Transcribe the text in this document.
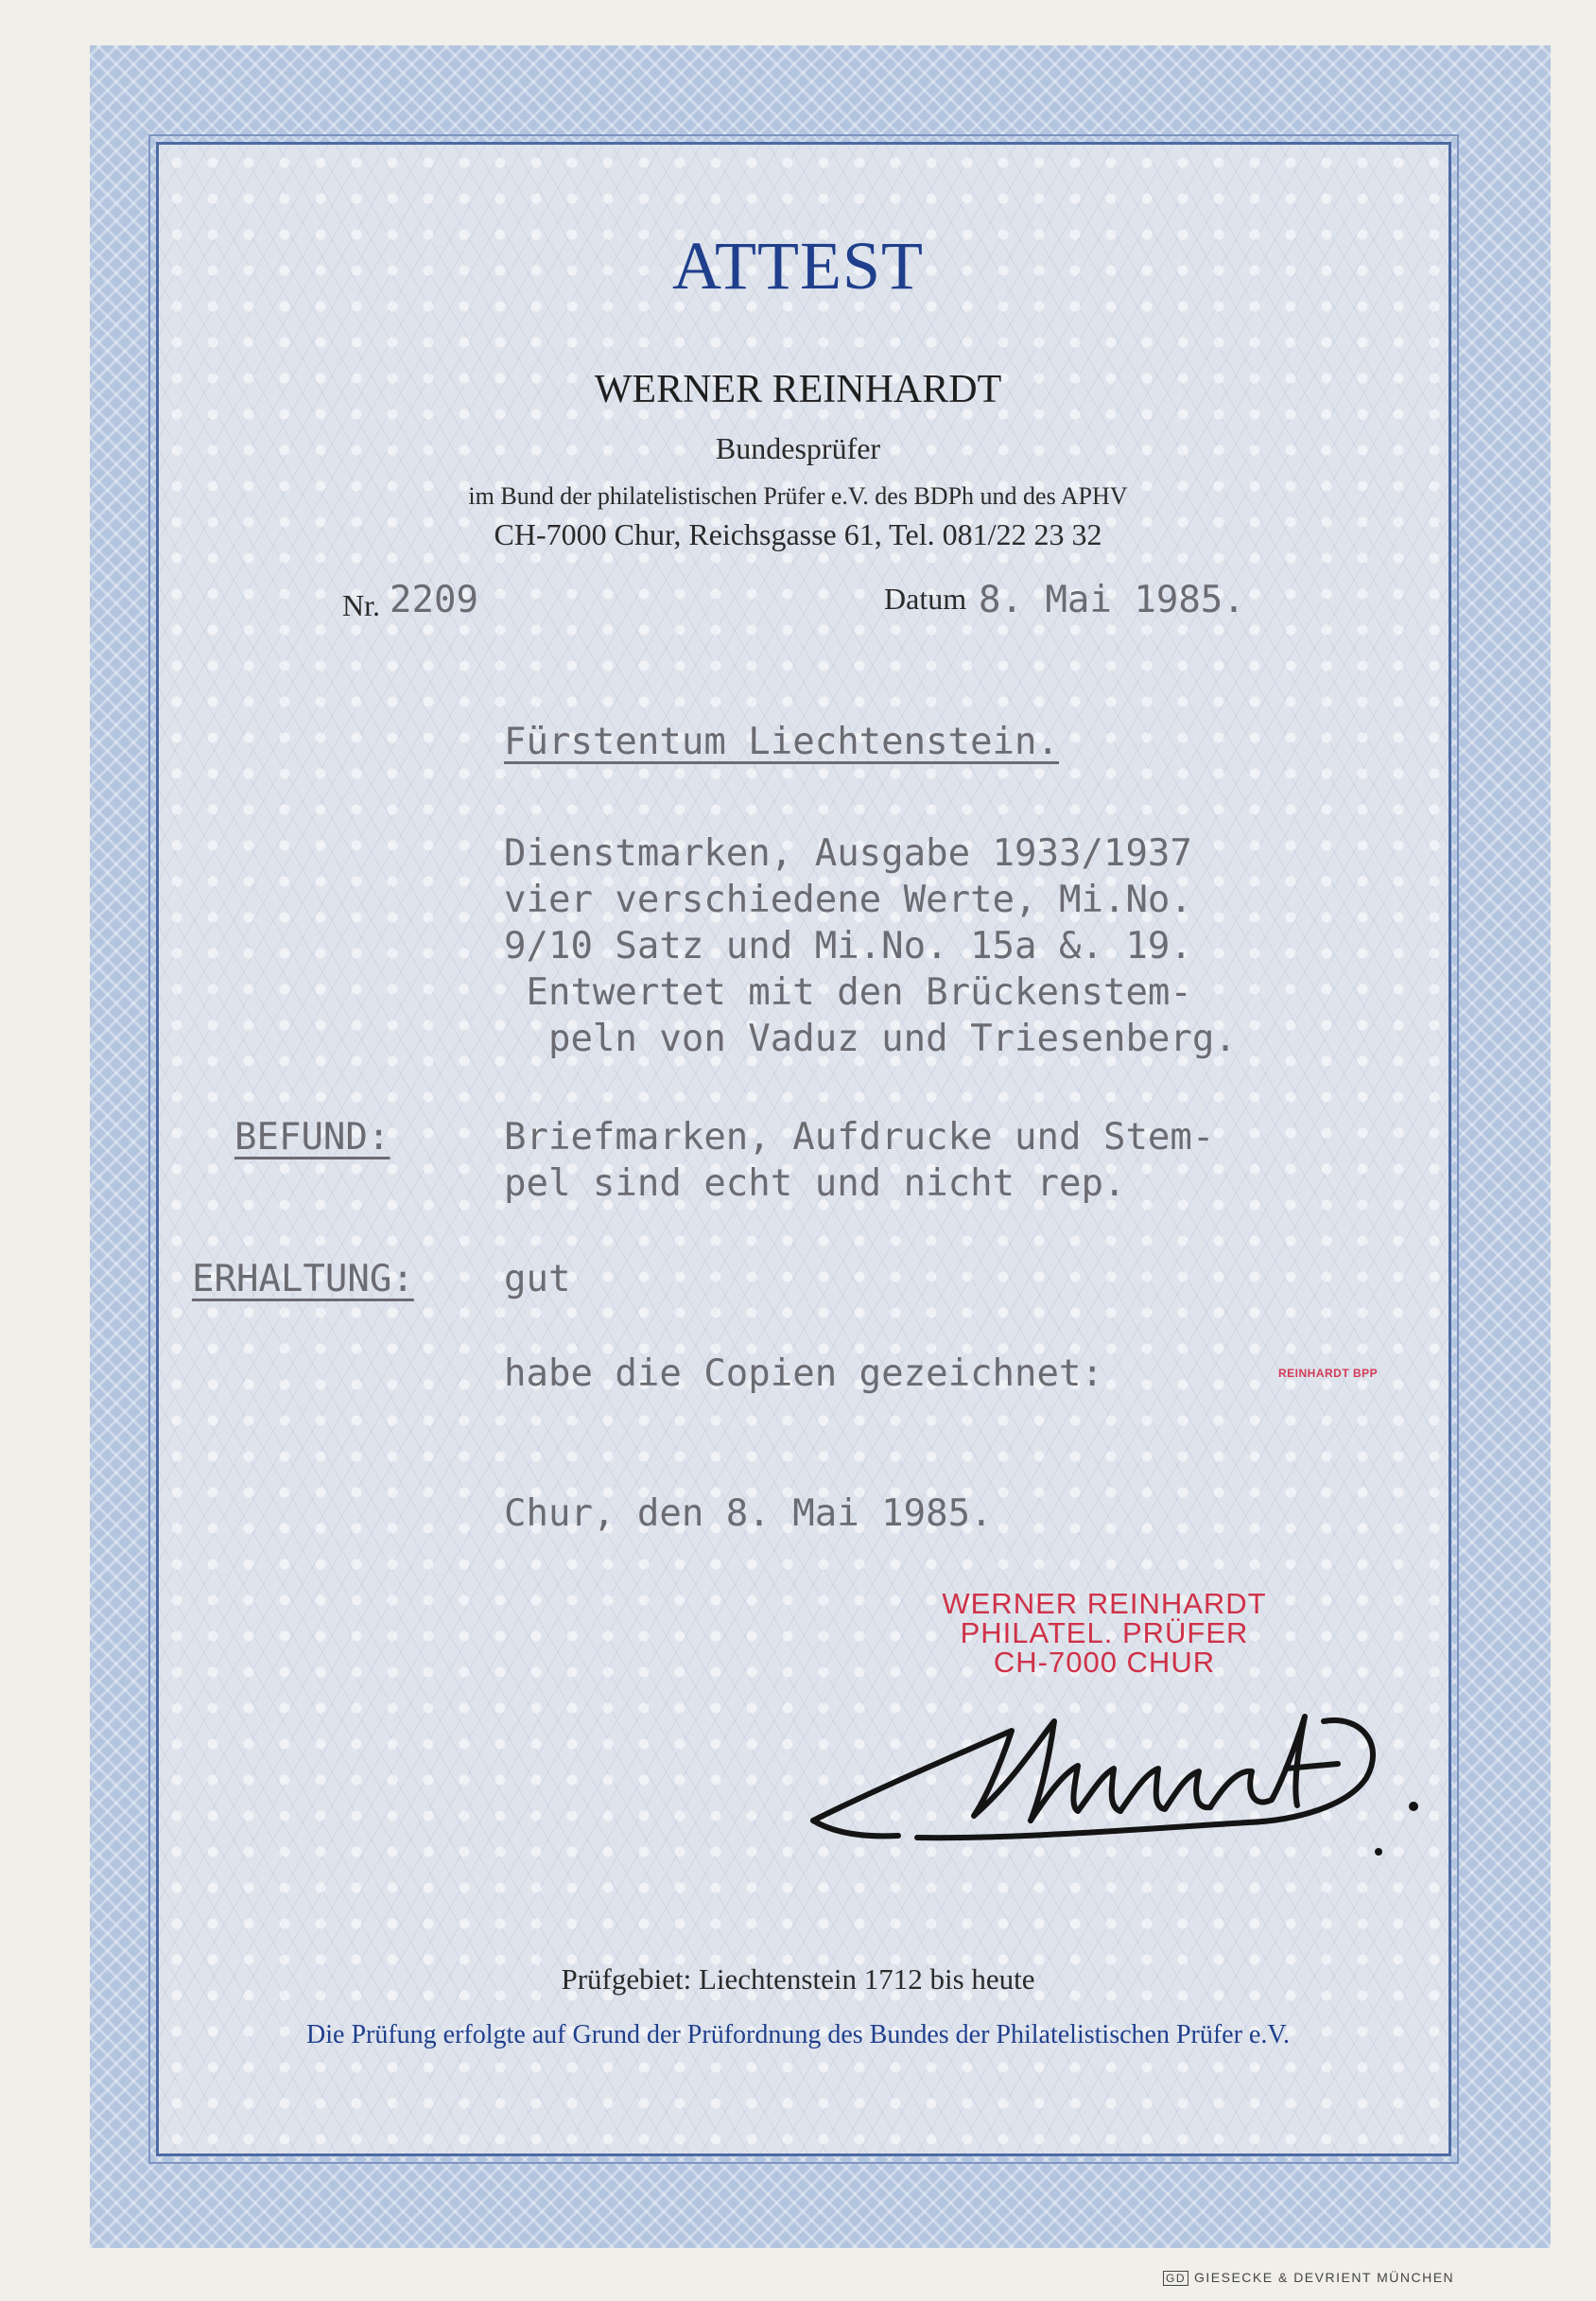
ATTEST
WERNER REINHARDT
Bundesprüfer
im Bund der philatelistischen Prüfer e.V. des BDPh und des APHV
CH-7000 Chur, Reichsgasse 61, Tel. 081/22 23 32
Nr. 2209	Datum 8. Mai 1985.
Fürstentum Liechtenstein.
Dienstmarken, Ausgabe 1933/1937
vier verschiedene Werte, Mi.No.
9/10 Satz und Mi.No. 15a &. 19.
Entwertet mit den Brückenstem-
peln von Vaduz und Triesenberg.
BEFUND:	Briefmarken, Aufdrucke und Stem-
pel sind echt und nicht rep.
ERHALTUNG: gut
habe die Copien gezeichnet:	REINHARDT BPP
Chur, den 8. Mai 1985.
WERNER REINHARDT
PHILATEL. PRÜFER
CH-7000 CHUR
Prüfgebiet: Liechtenstein 1712 bis heute
Die Prüfung erfolgte auf Grund der Prüfordnung des Bundes der Philatelistischen Prüfer e.V.
GD GIESECKE & DEVRIENT MÜNCHEN
